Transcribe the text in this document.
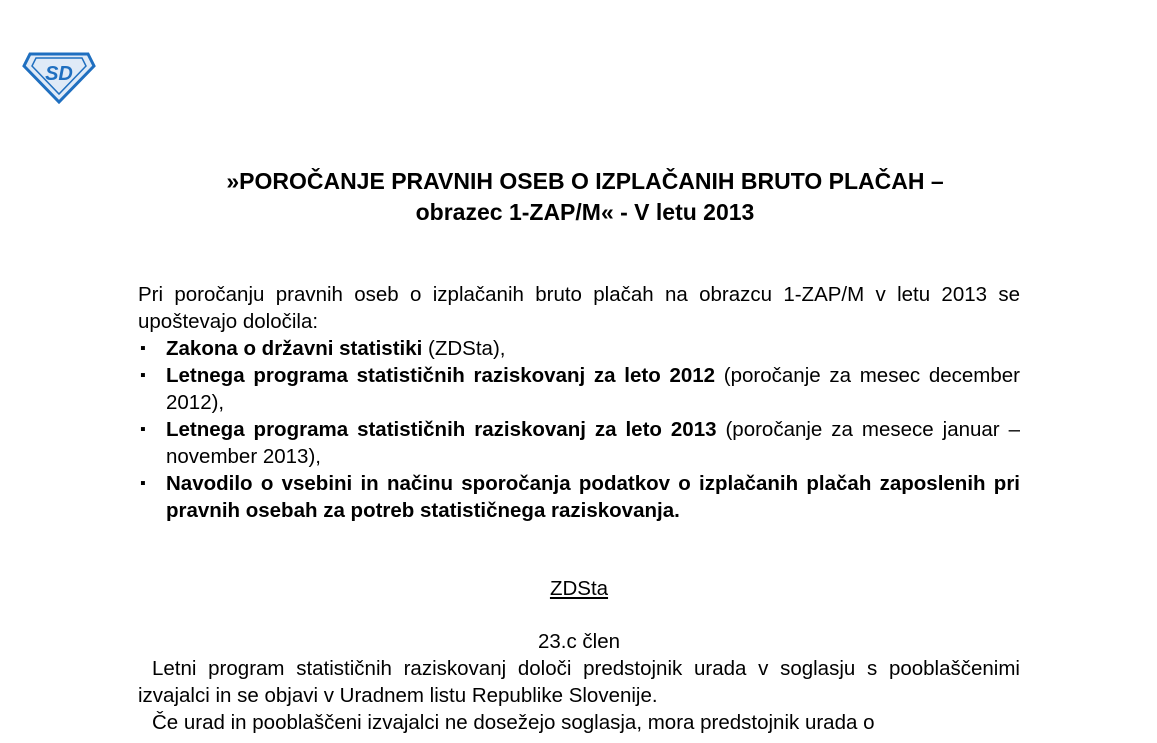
SD
»POROČANJE PRAVNIH OSEB O IZPLAČANIH BRUTO PLAČAH –
obrazec 1-ZAP/M« - V letu 2013

Pri poročanju pravnih oseb o izplačanih bruto plačah na obrazcu 1-ZAP/M v letu 2013 se upoštevajo določila:

▪ Zakona o državni statistiki (ZDSta),
▪ Letnega programa statističnih raziskovanj za leto 2012 (poročanje za mesec december 2012),
▪ Letnega programa statističnih raziskovanj za leto 2013 (poročanje za mesece januar – november 2013),
▪ Navodilo o vsebini in načinu sporočanja podatkov o izplačanih plačah zaposlenih pri pravnih osebah za potreb statističnega raziskovanja.
ZDSta
23.c člen

Letni program statističnih raziskovanj določi predstojnik urada v soglasju s pooblaščenimi izvajalci in se objavi v Uradnem listu Republike Slovenije.

Če urad in pooblaščeni izvajalci ne dosežejo soglasja, mora predstojnik urada o
